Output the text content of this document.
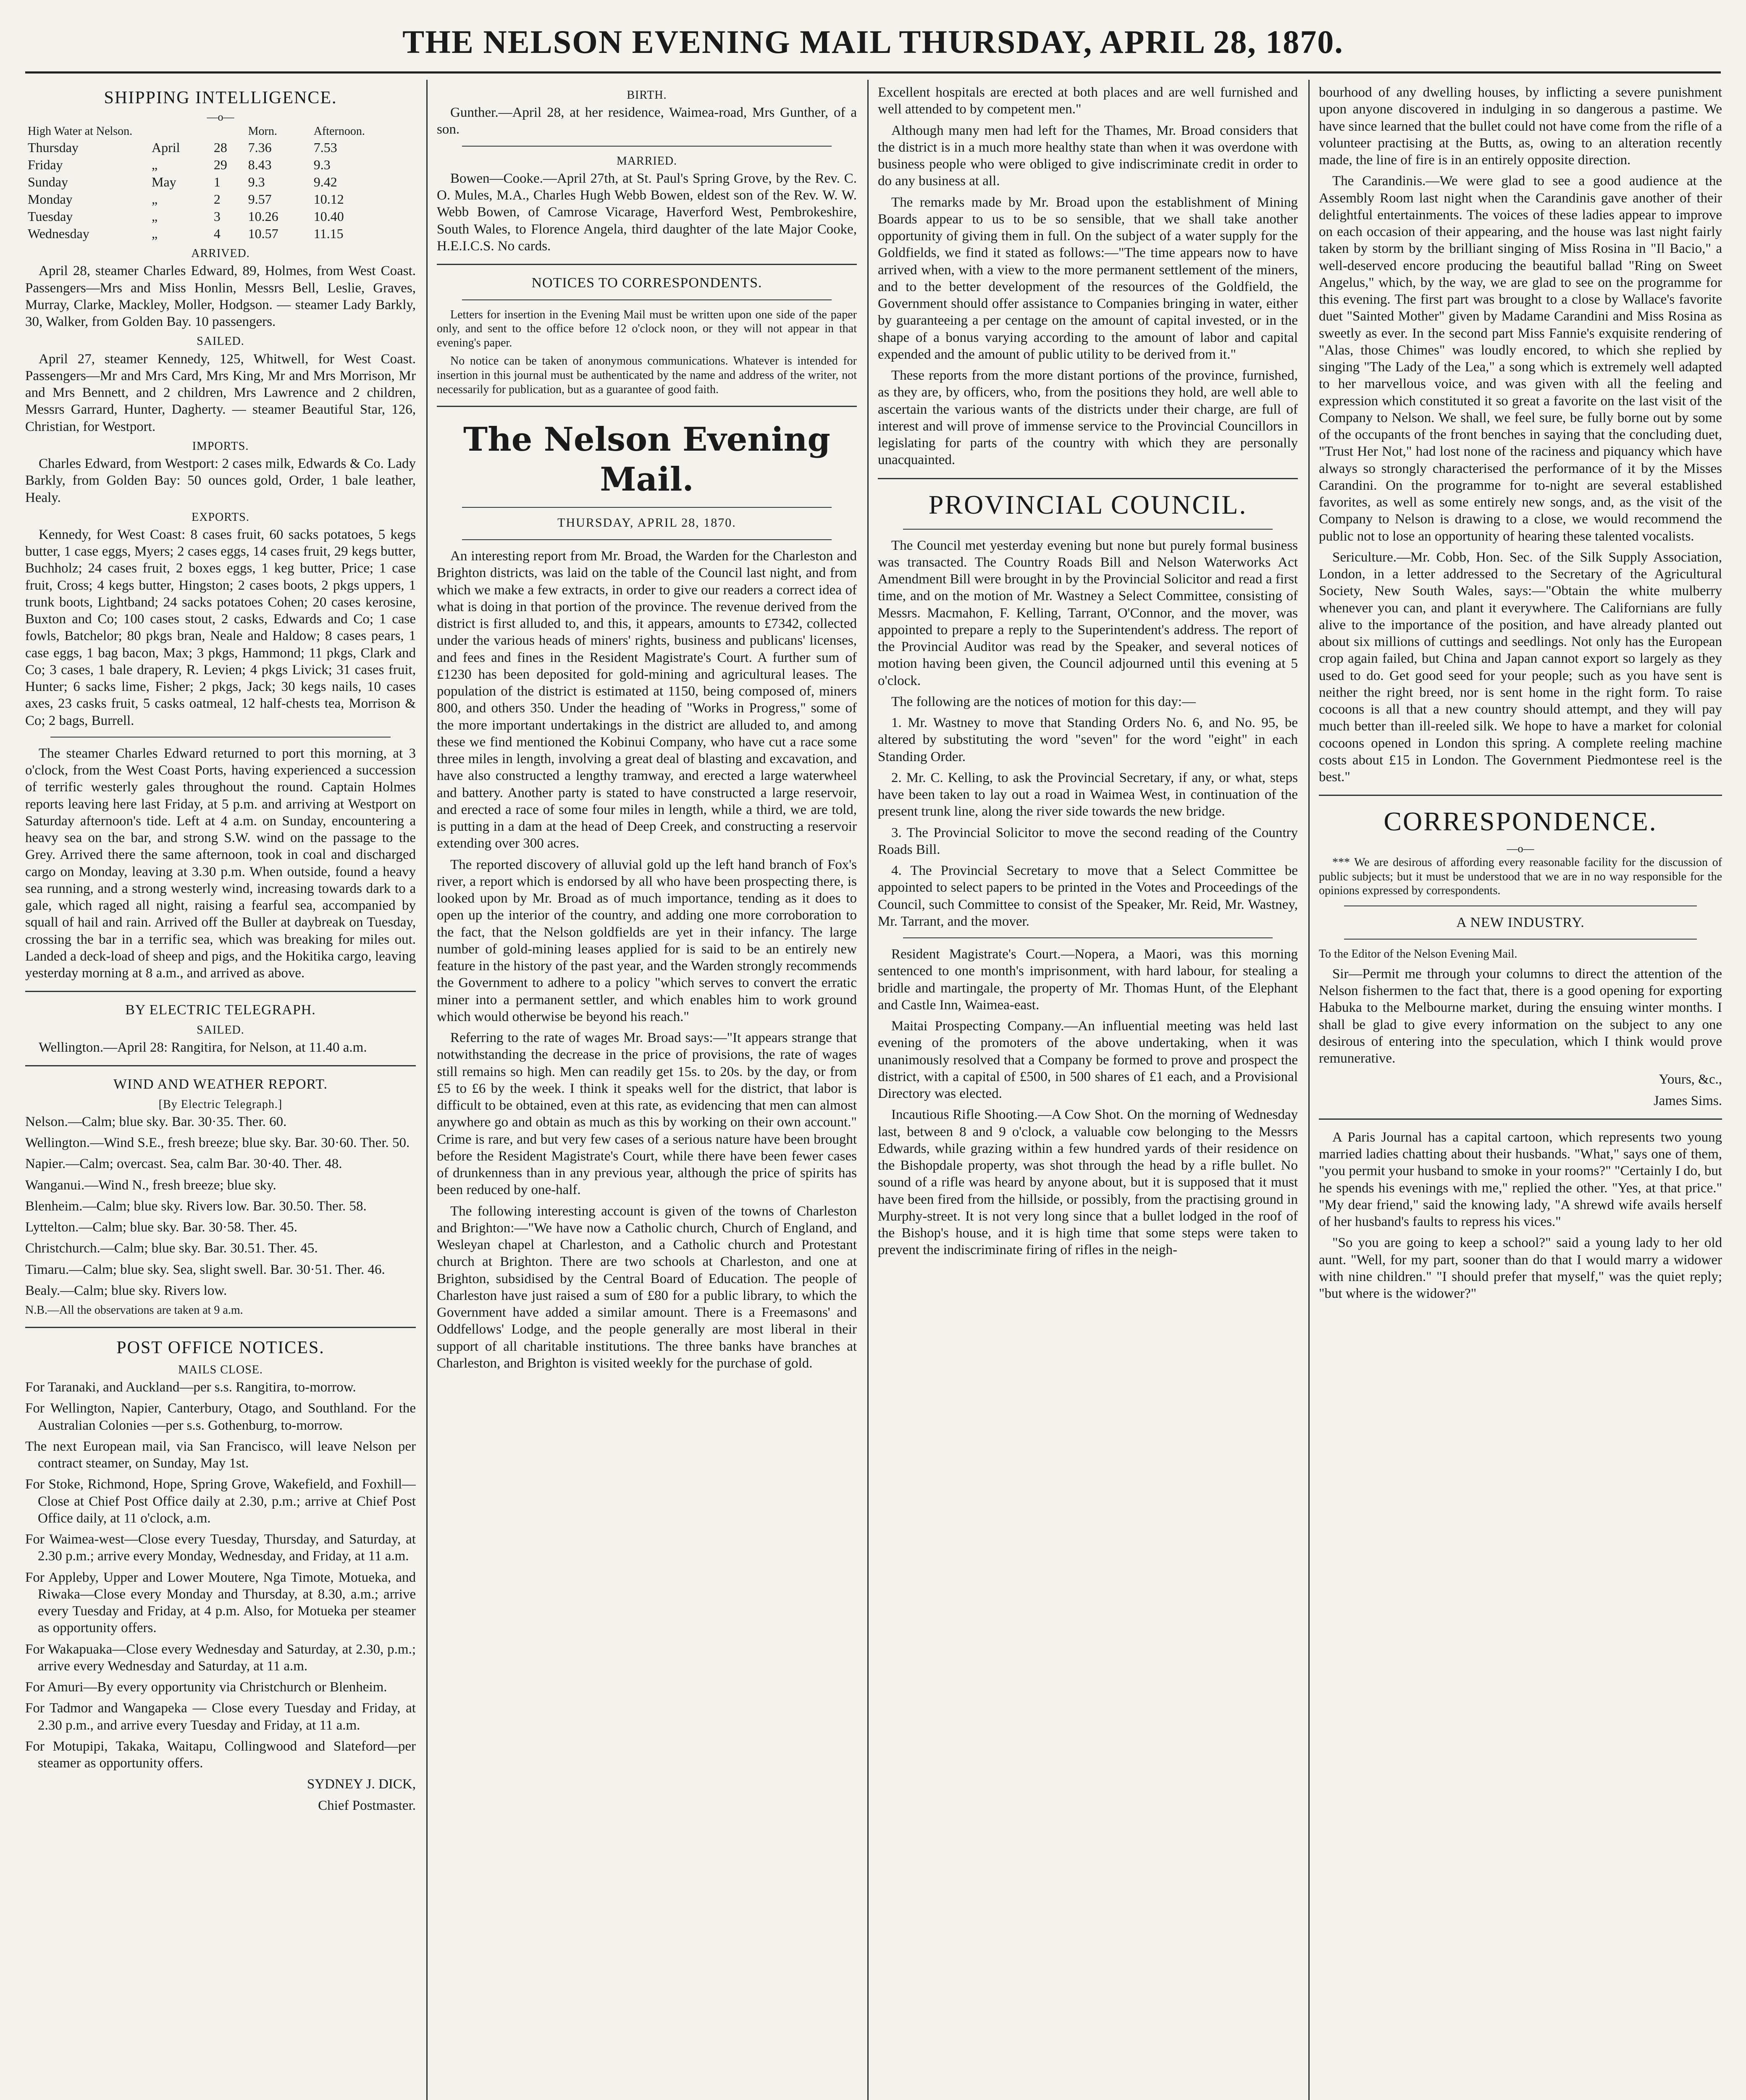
THE NELSON EVENING MAIL THURSDAY, APRIL 28, 1870.
SHIPPING INTELLIGENCE.
—o—
High Water at Nelson.			Morn.	Afternoon.
Thursday	April	28	7.36	7.53
Friday	„	29	8.43	9.3
Sunday	May	1	9.3	9.42
Monday	„	2	9.57	10.12
Tuesday	„	3	10.26	10.40
Wednesday	„	4	10.57	11.15
ARRIVED.

April 28, steamer Charles Edward, 89, Holmes, from West Coast. Passengers—Mrs and Miss Honlin, Messrs Bell, Leslie, Graves, Murray, Clarke, Mackley, Moller, Hodgson. — steamer Lady Barkly, 30, Walker, from Golden Bay. 10 passengers.

SAILED.

April 27, steamer Kennedy, 125, Whitwell, for West Coast. Passengers—Mr and Mrs Card, Mrs King, Mr and Mrs Morrison, Mr and Mrs Bennett, and 2 children, Mrs Lawrence and 2 children, Messrs Garrard, Hunter, Dagherty. — steamer Beautiful Star, 126, Christian, for Westport.

IMPORTS.

Charles Edward, from Westport: 2 cases milk, Edwards & Co. Lady Barkly, from Golden Bay: 50 ounces gold, Order, 1 bale leather, Healy.

EXPORTS.

Kennedy, for West Coast: 8 cases fruit, 60 sacks potatoes, 5 kegs butter, 1 case eggs, Myers; 2 cases eggs, 14 cases fruit, 29 kegs butter, Buchholz; 24 cases fruit, 2 boxes eggs, 1 keg butter, Price; 1 case fruit, Cross; 4 kegs butter, Hingston; 2 cases boots, 2 pkgs uppers, 1 trunk boots, Lightband; 24 sacks potatoes Cohen; 20 cases kerosine, Buxton and Co; 100 cases stout, 2 casks, Edwards and Co; 1 case fowls, Batchelor; 80 pkgs bran, Neale and Haldow; 8 cases pears, 1 case eggs, 1 bag bacon, Max; 3 pkgs, Hammond; 11 pkgs, Clark and Co; 3 cases, 1 bale drapery, R. Levien; 4 pkgs Livick; 31 cases fruit, Hunter; 6 sacks lime, Fisher; 2 pkgs, Jack; 30 kegs nails, 10 cases axes, 23 casks fruit, 5 casks oatmeal, 12 half-chests tea, Morrison & Co; 2 bags, Burrell.

The steamer Charles Edward returned to port this morning, at 3 o'clock, from the West Coast Ports, having experienced a succession of terrific westerly gales throughout the round. Captain Holmes reports leaving here last Friday, at 5 p.m. and arriving at Westport on Saturday afternoon's tide. Left at 4 a.m. on Sunday, encountering a heavy sea on the bar, and strong S.W. wind on the passage to the Grey. Arrived there the same afternoon, took in coal and discharged cargo on Monday, leaving at 3.30 p.m. When outside, found a heavy sea running, and a strong westerly wind, increasing towards dark to a gale, which raged all night, raising a fearful sea, accompanied by squall of hail and rain. Arrived off the Buller at daybreak on Tuesday, crossing the bar in a terrific sea, which was breaking for miles out. Landed a deck-load of sheep and pigs, and the Hokitika cargo, leaving yesterday morning at 8 a.m., and arrived as above.

BY ELECTRIC TELEGRAPH.
SAILED.

Wellington.—April 28: Rangitira, for Nelson, at 11.40 a.m.

WIND AND WEATHER REPORT.
[By Electric Telegraph.]

Nelson.—Calm; blue sky. Bar. 30·35. Ther. 60.

Wellington.—Wind S.E., fresh breeze; blue sky. Bar. 30·60. Ther. 50.

Napier.—Calm; overcast. Sea, calm Bar. 30·40. Ther. 48.

Wanganui.—Wind N., fresh breeze; blue sky.

Blenheim.—Calm; blue sky. Rivers low. Bar. 30.50. Ther. 58.

Lyttelton.—Calm; blue sky. Bar. 30·58. Ther. 45.

Christchurch.—Calm; blue sky. Bar. 30.51. Ther. 45.

Timaru.—Calm; blue sky. Sea, slight swell. Bar. 30·51. Ther. 46.

Bealy.—Calm; blue sky. Rivers low.

N.B.—All the observations are taken at 9 a.m.

POST OFFICE NOTICES.
MAILS CLOSE.

For Taranaki, and Auckland—per s.s. Rangitira, to-morrow.

For Wellington, Napier, Canterbury, Otago, and Southland. For the Australian Colonies —per s.s. Gothenburg, to-morrow.

The next European mail, via San Francisco, will leave Nelson per contract steamer, on Sunday, May 1st.

For Stoke, Richmond, Hope, Spring Grove, Wakefield, and Foxhill—Close at Chief Post Office daily at 2.30, p.m.; arrive at Chief Post Office daily, at 11 o'clock, a.m.

For Waimea-west—Close every Tuesday, Thursday, and Saturday, at 2.30 p.m.; arrive every Monday, Wednesday, and Friday, at 11 a.m.

For Appleby, Upper and Lower Moutere, Nga Timote, Motueka, and Riwaka—Close every Monday and Thursday, at 8.30, a.m.; arrive every Tuesday and Friday, at 4 p.m. Also, for Motueka per steamer as opportunity offers.

For Wakapuaka—Close every Wednesday and Saturday, at 2.30, p.m.; arrive every Wednesday and Saturday, at 11 a.m.

For Amuri—By every opportunity via Christchurch or Blenheim.

For Tadmor and Wangapeka — Close every Tuesday and Friday, at 2.30 p.m., and arrive every Tuesday and Friday, at 11 a.m.

For Motupipi, Takaka, Waitapu, Collingwood and Slateford—per steamer as opportunity offers.

SYDNEY J. DICK,

Chief Postmaster.

BIRTH.

Gunther.—April 28, at her residence, Waimea-road, Mrs Gunther, of a son.

MARRIED.

Bowen—Cooke.—April 27th, at St. Paul's Spring Grove, by the Rev. C. O. Mules, M.A., Charles Hugh Webb Bowen, eldest son of the Rev. W. W. Webb Bowen, of Camrose Vicarage, Haverford West, Pembrokeshire, South Wales, to Florence Angela, third daughter of the late Major Cooke, H.E.I.C.S. No cards.

NOTICES TO CORRESPONDENTS.

Letters for insertion in the Evening Mail must be written upon one side of the paper only, and sent to the office before 12 o'clock noon, or they will not appear in that evening's paper.

No notice can be taken of anonymous communications. Whatever is intended for insertion in this journal must be authenticated by the name and address of the writer, not necessarily for publication, but as a guarantee of good faith.

The Nelson Evening Mail.
THURSDAY, APRIL 28, 1870.

An interesting report from Mr. Broad, the Warden for the Charleston and Brighton districts, was laid on the table of the Council last night, and from which we make a few extracts, in order to give our readers a correct idea of what is doing in that portion of the province. The revenue derived from the district is first alluded to, and this, it appears, amounts to £7342, collected under the various heads of miners' rights, business and publicans' licenses, and fees and fines in the Resident Magistrate's Court. A further sum of £1230 has been deposited for gold-mining and agricultural leases. The population of the district is estimated at 1150, being composed of, miners 800, and others 350. Under the heading of "Works in Progress," some of the more important undertakings in the district are alluded to, and among these we find mentioned the Kobinui Company, who have cut a race some three miles in length, involving a great deal of blasting and excavation, and have also constructed a lengthy tramway, and erected a large waterwheel and battery. Another party is stated to have constructed a large reservoir, and erected a race of some four miles in length, while a third, we are told, is putting in a dam at the head of Deep Creek, and constructing a reservoir extending over 300 acres.

The reported discovery of alluvial gold up the left hand branch of Fox's river, a report which is endorsed by all who have been prospecting there, is looked upon by Mr. Broad as of much importance, tending as it does to open up the interior of the country, and adding one more corroboration to the fact, that the Nelson goldfields are yet in their infancy. The large number of gold-mining leases applied for is said to be an entirely new feature in the history of the past year, and the Warden strongly recommends the Government to adhere to a policy "which serves to convert the erratic miner into a permanent settler, and which enables him to work ground which would otherwise be beyond his reach."

Referring to the rate of wages Mr. Broad says:—"It appears strange that notwithstanding the decrease in the price of provisions, the rate of wages still remains so high. Men can readily get 15s. to 20s. by the day, or from £5 to £6 by the week. I think it speaks well for the district, that labor is difficult to be obtained, even at this rate, as evidencing that men can almost anywhere go and obtain as much as this by working on their own account." Crime is rare, and but very few cases of a serious nature have been brought before the Resident Magistrate's Court, while there have been fewer cases of drunkenness than in any previous year, although the price of spirits has been reduced by one-half.

The following interesting account is given of the towns of Charleston and Brighton:—"We have now a Catholic church, Church of England, and Wesleyan chapel at Charleston, and a Catholic church and Protestant church at Brighton. There are two schools at Charleston, and one at Brighton, subsidised by the Central Board of Education. The people of Charleston have just raised a sum of £80 for a public library, to which the Government have added a similar amount. There is a Freemasons' and Oddfellows' Lodge, and the people generally are most liberal in their support of all charitable institutions. The three banks have branches at Charleston, and Brighton is visited weekly for the purchase of gold.

Excellent hospitals are erected at both places and are well furnished and well attended to by competent men."

Although many men had left for the Thames, Mr. Broad considers that the district is in a much more healthy state than when it was overdone with business people who were obliged to give indiscriminate credit in order to do any business at all.

The remarks made by Mr. Broad upon the establishment of Mining Boards appear to us to be so sensible, that we shall take another opportunity of giving them in full. On the subject of a water supply for the Goldfields, we find it stated as follows:—"The time appears now to have arrived when, with a view to the more permanent settlement of the miners, and to the better development of the resources of the Goldfield, the Government should offer assistance to Companies bringing in water, either by guaranteeing a per centage on the amount of capital invested, or in the shape of a bonus varying according to the amount of labor and capital expended and the amount of public utility to be derived from it."

These reports from the more distant portions of the province, furnished, as they are, by officers, who, from the positions they hold, are well able to ascertain the various wants of the districts under their charge, are full of interest and will prove of immense service to the Provincial Councillors in legislating for parts of the country with which they are personally unacquainted.

PROVINCIAL COUNCIL.

The Council met yesterday evening but none but purely formal business was transacted. The Country Roads Bill and Nelson Waterworks Act Amendment Bill were brought in by the Provincial Solicitor and read a first time, and on the motion of Mr. Wastney a Select Committee, consisting of Messrs. Macmahon, F. Kelling, Tarrant, O'Connor, and the mover, was appointed to prepare a reply to the Superintendent's address. The report of the Provincial Auditor was read by the Speaker, and several notices of motion having been given, the Council adjourned until this evening at 5 o'clock.

The following are the notices of motion for this day:—

1. Mr. Wastney to move that Standing Orders No. 6, and No. 95, be altered by substituting the word "seven" for the word "eight" in each Standing Order.

2. Mr. C. Kelling, to ask the Provincial Secretary, if any, or what, steps have been taken to lay out a road in Waimea West, in continuation of the present trunk line, along the river side towards the new bridge.

3. The Provincial Solicitor to move the second reading of the Country Roads Bill.

4. The Provincial Secretary to move that a Select Committee be appointed to select papers to be printed in the Votes and Proceedings of the Council, such Committee to consist of the Speaker, Mr. Reid, Mr. Wastney, Mr. Tarrant, and the mover.

Resident Magistrate's Court.—Nopera, a Maori, was this morning sentenced to one month's imprisonment, with hard labour, for stealing a bridle and martingale, the property of Mr. Thomas Hunt, of the Elephant and Castle Inn, Waimea-east.

Maitai Prospecting Company.—An influential meeting was held last evening of the promoters of the above undertaking, when it was unanimously resolved that a Company be formed to prove and prospect the district, with a capital of £500, in 500 shares of £1 each, and a Provisional Directory was elected.

Incautious Rifle Shooting.—A Cow Shot. On the morning of Wednesday last, between 8 and 9 o'clock, a valuable cow belonging to the Messrs Edwards, while grazing within a few hundred yards of their residence on the Bishopdale property, was shot through the head by a rifle bullet. No sound of a rifle was heard by anyone about, but it is supposed that it must have been fired from the hillside, or possibly, from the practising ground in Murphy-street. It is not very long since that a bullet lodged in the roof of the Bishop's house, and it is high time that some steps were taken to prevent the indiscriminate firing of rifles in the neigh-

bourhood of any dwelling houses, by inflicting a severe punishment upon anyone discovered in indulging in so dangerous a pastime. We have since learned that the bullet could not have come from the rifle of a volunteer practising at the Butts, as, owing to an alteration recently made, the line of fire is in an entirely opposite direction.

The Carandinis.—We were glad to see a good audience at the Assembly Room last night when the Carandinis gave another of their delightful entertainments. The voices of these ladies appear to improve on each occasion of their appearing, and the house was last night fairly taken by storm by the brilliant singing of Miss Rosina in "Il Bacio," a well-deserved encore producing the beautiful ballad "Ring on Sweet Angelus," which, by the way, we are glad to see on the programme for this evening. The first part was brought to a close by Wallace's favorite duet "Sainted Mother" given by Madame Carandini and Miss Rosina as sweetly as ever. In the second part Miss Fannie's exquisite rendering of "Alas, those Chimes" was loudly encored, to which she replied by singing "The Lady of the Lea," a song which is extremely well adapted to her marvellous voice, and was given with all the feeling and expression which constituted it so great a favorite on the last visit of the Company to Nelson. We shall, we feel sure, be fully borne out by some of the occupants of the front benches in saying that the concluding duet, "Trust Her Not," had lost none of the raciness and piquancy which have always so strongly characterised the performance of it by the Misses Carandini. On the programme for to-night are several established favorites, as well as some entirely new songs, and, as the visit of the Company to Nelson is drawing to a close, we would recommend the public not to lose an opportunity of hearing these talented vocalists.

Sericulture.—Mr. Cobb, Hon. Sec. of the Silk Supply Association, London, in a letter addressed to the Secretary of the Agricultural Society, New South Wales, says:—"Obtain the white mulberry whenever you can, and plant it everywhere. The Californians are fully alive to the importance of the position, and have already planted out about six millions of cuttings and seedlings. Not only has the European crop again failed, but China and Japan cannot export so largely as they used to do. Get good seed for your people; such as you have sent is neither the right breed, nor is sent home in the right form. To raise cocoons is all that a new country should attempt, and they will pay much better than ill-reeled silk. We hope to have a market for colonial cocoons opened in London this spring. A complete reeling machine costs about £15 in London. The Government Piedmontese reel is the best."

CORRESPONDENCE.
—o—

*** We are desirous of affording every reasonable facility for the discussion of public subjects; but it must be understood that we are in no way responsible for the opinions expressed by correspondents.

A NEW INDUSTRY.

To the Editor of the Nelson Evening Mail.

Sir—Permit me through your columns to direct the attention of the Nelson fishermen to the fact that, there is a good opening for exporting Habuka to the Melbourne market, during the ensuing winter months. I shall be glad to give every information on the subject to any one desirous of entering into the speculation, which I think would prove remunerative.

Yours, &c.,

James Sims.

A Paris Journal has a capital cartoon, which represents two young married ladies chatting about their husbands. "What," says one of them, "you permit your husband to smoke in your rooms?" "Certainly I do, but he spends his evenings with me," replied the other. "Yes, at that price." "My dear friend," said the knowing lady, "A shrewd wife avails herself of her husband's faults to repress his vices."

"So you are going to keep a school?" said a young lady to her old aunt. "Well, for my part, sooner than do that I would marry a widower with nine children." "I should prefer that myself," was the quiet reply; "but where is the widower?"
